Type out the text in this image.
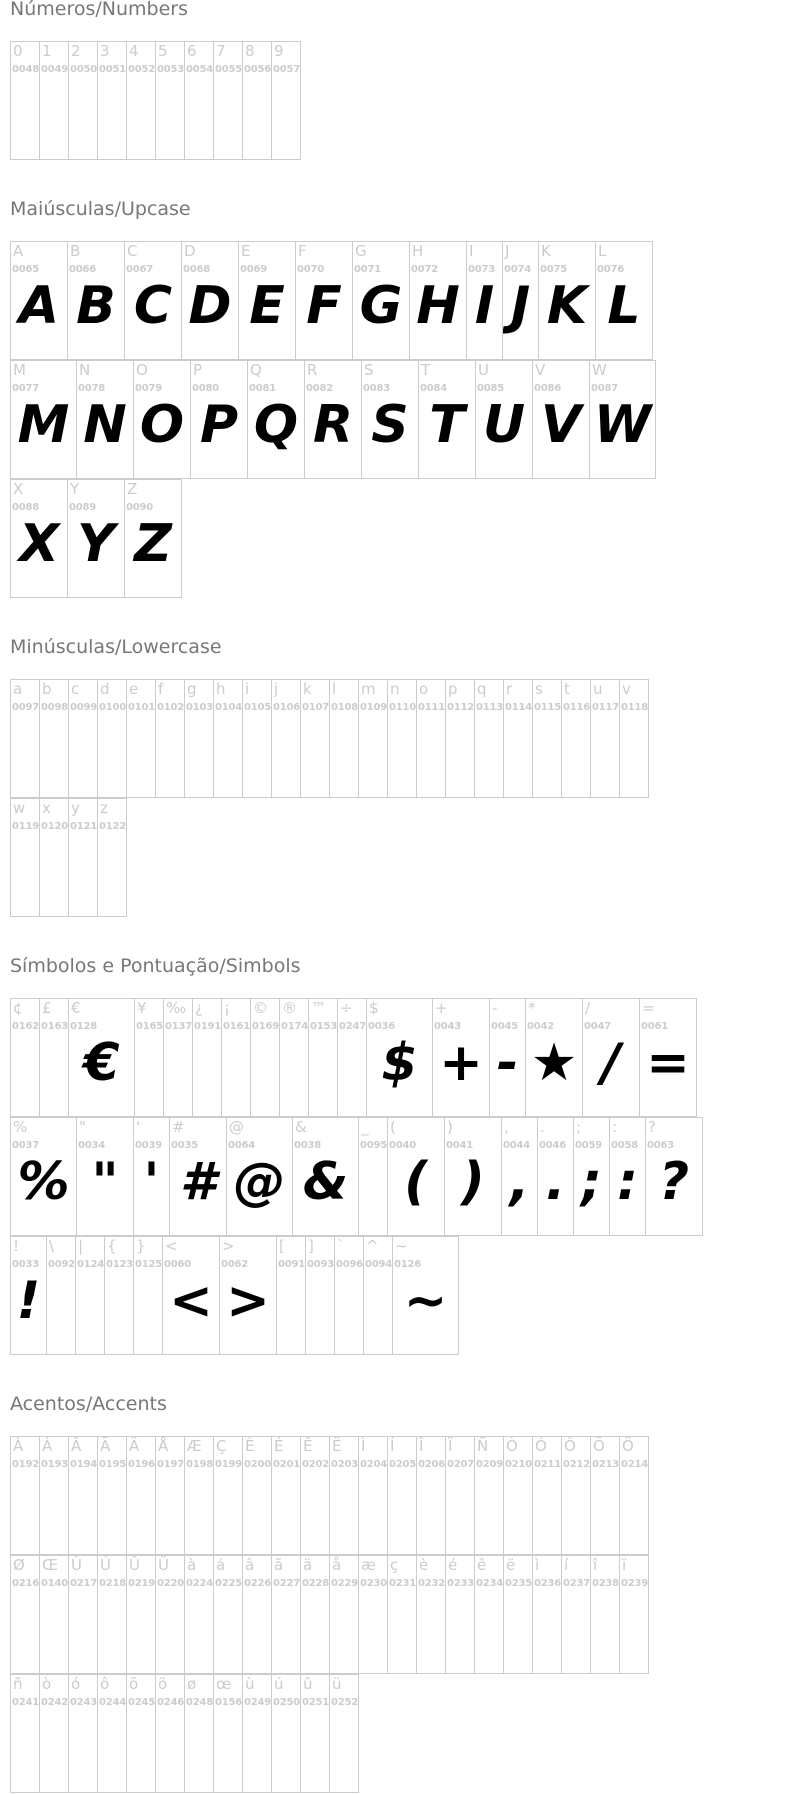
Números/Numbers
0
0048
1
0049
2
0050
3
0051
4
0052
5
0053
6
0054
7
0055
8
0056
9
0057
Maiúsculas/Upcase
A
0065
A
B
0066
B
C
0067
C
D
0068
D
E
0069
E
F
0070
F
G
0071
G
H
0072
H
I
0073
I
J
0074
J
K
0075
K
L
0076
L
M
0077
M
N
0078
N
O
0079
O
P
0080
P
Q
0081
Q
R
0082
R
S
0083
S
T
0084
T
U
0085
U
V
0086
V
W
0087
W
X
0088
X
Y
0089
Y
Z
0090
Z
Minúsculas/Lowercase
a
0097
b
0098
c
0099
d
0100
e
0101
f
0102
g
0103
h
0104
i
0105
j
0106
k
0107
l
0108
m
0109
n
0110
o
0111
p
0112
q
0113
r
0114
s
0115
t
0116
u
0117
v
0118
w
0119
x
0120
y
0121
z
0122
Símbolos e Pontuação/Simbols
¢
0162
£
0163
€
0128
€
¥
0165
‰
0137
¿
0191
¡
0161
©
0169
®
0174
™
0153
÷
0247
$
0036
$
+
0043
+
-
0045
-
*
0042
★
/
0047
/
=
0061
=
%
0037
%
"
0034
"
'
0039
'
#
0035
#
@
0064
@
&
0038
&
_
0095
(
0040
(
)
0041
)
,
0044
,
.
0046
.
;
0059
;
:
0058
:
?
0063
?
!
0033
!
\
0092
|
0124
{
0123
}
0125
<
0060
<
>
0062
>
[
0091
]
0093
`
0096
^
0094
~
0126
~
Acentos/Accents
À
0192
Á
0193
Â
0194
Ã
0195
Ä
0196
Å
0197
Æ
0198
Ç
0199
È
0200
É
0201
Ê
0202
Ë
0203
Ì
0204
Í
0205
Î
0206
Ï
0207
Ñ
0209
Ò
0210
Ó
0211
Ô
0212
Õ
0213
Ö
0214
Ø
0216
Œ
0140
Ù
0217
Ú
0218
Û
0219
Ü
0220
à
0224
á
0225
â
0226
ã
0227
ä
0228
å
0229
æ
0230
ç
0231
è
0232
é
0233
ê
0234
ë
0235
ì
0236
í
0237
î
0238
ï
0239
ñ
0241
ò
0242
ó
0243
ô
0244
õ
0245
ö
0246
ø
0248
œ
0156
ù
0249
ú
0250
û
0251
ü
0252
